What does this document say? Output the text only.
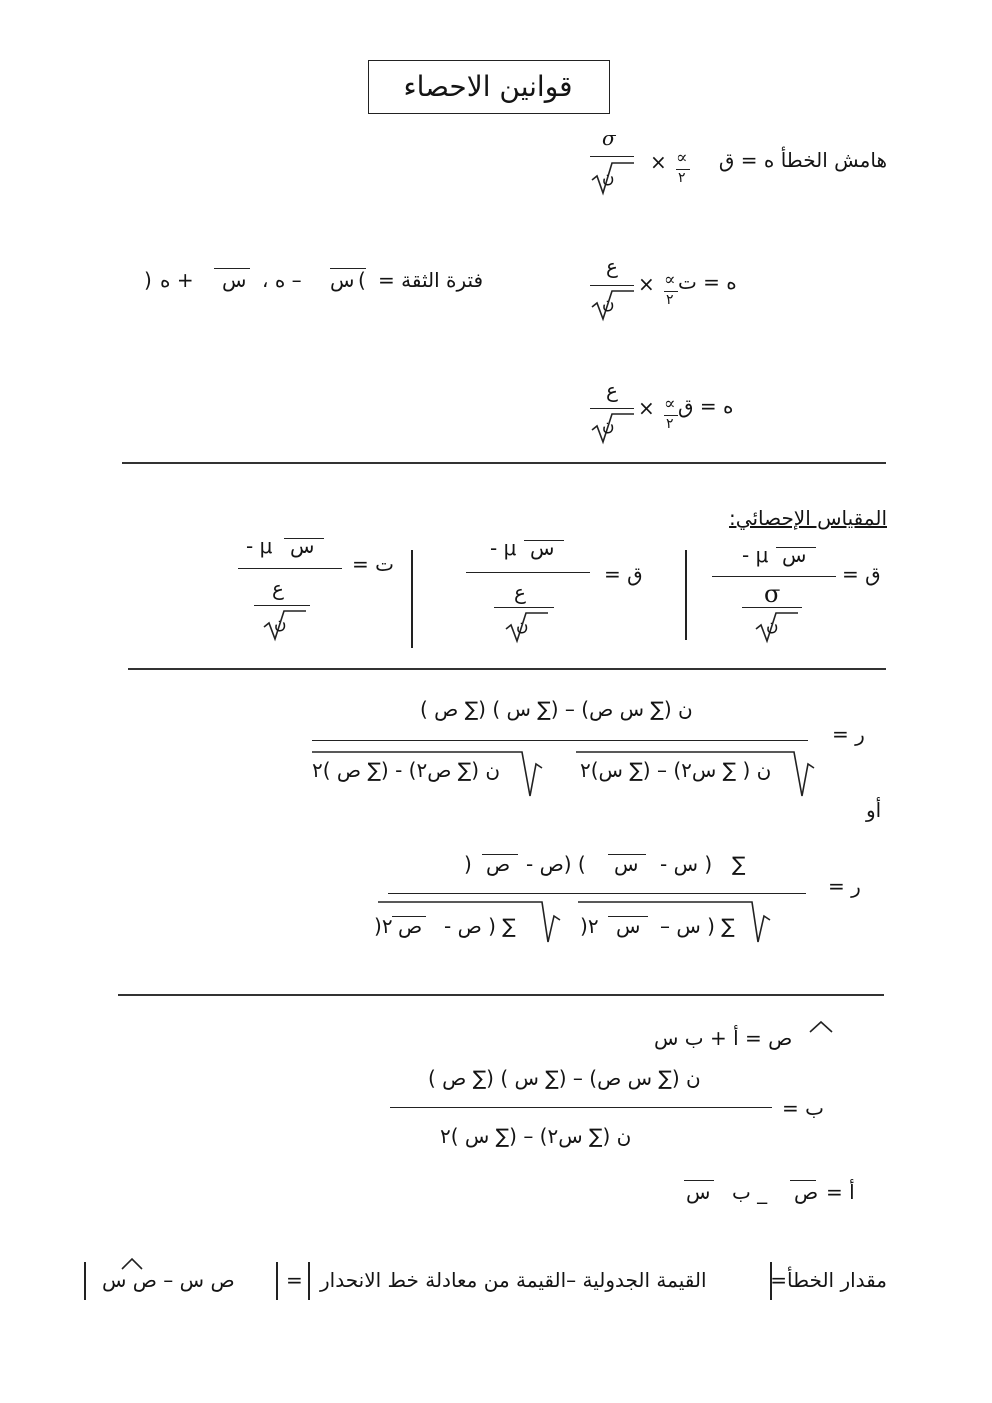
قوانين الاحصاء
هامش الخطأ ه = ق
∝
٢
×
σ
ن
فترة الثقة =
(
س
– ه ،
س
+ ه
)	ه = ت
∝
٢
×
ع
ن
ه = ق
∝
٢
×
ع
ن
المقياس الإحصائي:
ق =
س
- μ
σ
ن
ق =
س
- μ
ع
ن
ت =
س
- μ
ع
ن
ن (∑ س ص) – (∑ س ) (∑ ص )
ن ( ∑ س٢) – (∑ س)٢
ن (∑ ص٢) - (∑ ص )٢
ر =
أو
∑
( س -
س
) (ص -
ص
)
∑ ( س –
س
)٢
∑ ( ص -
ص
)٢
ر =
ص = أ + ب س
ن (∑ س ص) – (∑ س ) (∑ ص )
ن (∑ س٢) – (∑ س )٢
ب =
أ =
ص
_ ب
س
مقدار الخطأ=
القيمة الجدولية –القيمة من معادلة خط الانحدار
=
ص س – ص س
